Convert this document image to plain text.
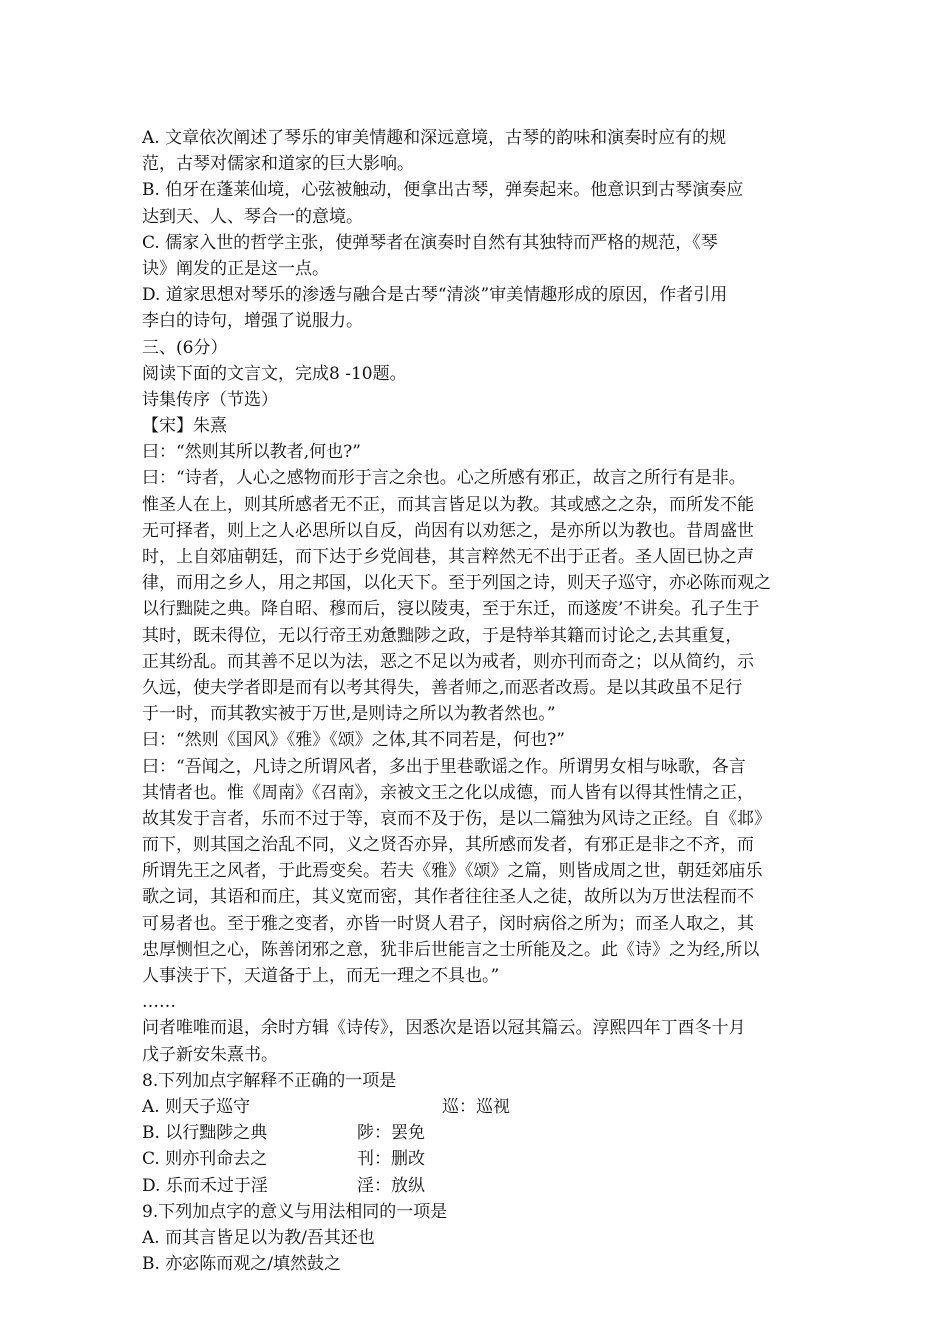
A. 文章依次阐述了琴乐的审美情趣和深远意境，古琴的韵味和演奏时应有的规
范，古琴对儒家和道家的巨大影响。
B. 伯牙在蓬莱仙境，心弦被触动，便拿出古琴，弹奏起来。他意识到古琴演奏应
达到天、人、琴合一的意境。
C. 儒家入世的哲学主张，使弹琴者在演奏时自然有其独特而严格的规范，《琴
诀》阐发的正是这一点。
D. 道家思想对琴乐的渗透与融合是古琴“清淡”审美情趣形成的原因，作者引用
李白的诗句，增强了说服力。
三、(6分）
阅读下面的文言文，完成8 -10题。
诗集传序（节选）
【宋】朱熹
曰：“然则其所以教者,何也?”
曰：“诗者，人心之感物而形于言之余也。心之所感有邪正，故言之所行有是非。
惟圣人在上，则其所感者无不正，而其言皆足以为教。其或感之之杂，而所发不能
无可择者，则上之人必思所以自反，尚因有以劝惩之，是亦所以为教也。昔周盛世
时，上自郊庙朝廷，而下达于乡党闾巷，其言粹然无不出于正者。圣人固已协之声
律，而用之乡人，用之邦国，以化天下。至于列国之诗，则天子巡守，亦必陈而观之
以行黜陡之典。降自昭、穆而后，寖以陵夷，至于东迁，而遂废’不讲矣。孔子生于
其时，既未得位，无以行帝王劝惫黜陟之政，于是特举其籍而讨论之,去其重复，
正其纷乱。而其善不足以为法，恶之不足以为戒者，则亦刊而奇之；以从简约，示
久远，使夫学者即是而有以考其得失，善者师之,而恶者改焉。是以其政虽不足行
于一时，而其教实被于万世,是则诗之所以为教者然也。”
曰：“然则《国风》《雅》《颂》之体,其不同若是，何也?”
曰：“吾闻之，凡诗之所谓风者，多出于里巷歌谣之作。所谓男女相与咏歌，各言
其情者也。惟《周南》《召南》，亲被文王之化以成德，而人皆有以得其性情之正，
故其发于言者，乐而不过于等，哀而不及于伤，是以二篇独为风诗之正经。自《邶》
而下，则其国之治乱不同，义之贤否亦异，其所感而发者，有邪正是非之不齐，而
所谓先王之风者，于此焉变矣。若夫《雅》《颂》之篇，则皆成周之世，朝廷郊庙乐
歌之词，其语和而庄，其义宽而密，其作者往往圣人之徒，故所以为万世法程而不
可易者也。至于雅之变者，亦皆一时贤人君子，闵时病俗之所为；而圣人取之，其
忠厚恻怛之心，陈善闭邪之意，犹非后世能言之士所能及之。此《诗》之为经,所以
人事浃于下，天道备于上，而无一理之不具也。”
……
问者唯唯而退，余时方辑《诗传》，因悉次是语以冠其篇云。淳熙四年丁酉冬十月
戊子新安朱熹书。
8.下列加点字解释不正确的一项是
A. 则天子巡守	巡：巡视
B. 以行黜陟之典	陟：罢免
C. 则亦刊命去之	刊：删改
D. 乐而禾过于淫	淫：放纵
9.下列加点字的意义与用法相同的一项是
A. 而其言皆足以为教/吾其还也
B. 亦宓陈而观之/填然鼓之
